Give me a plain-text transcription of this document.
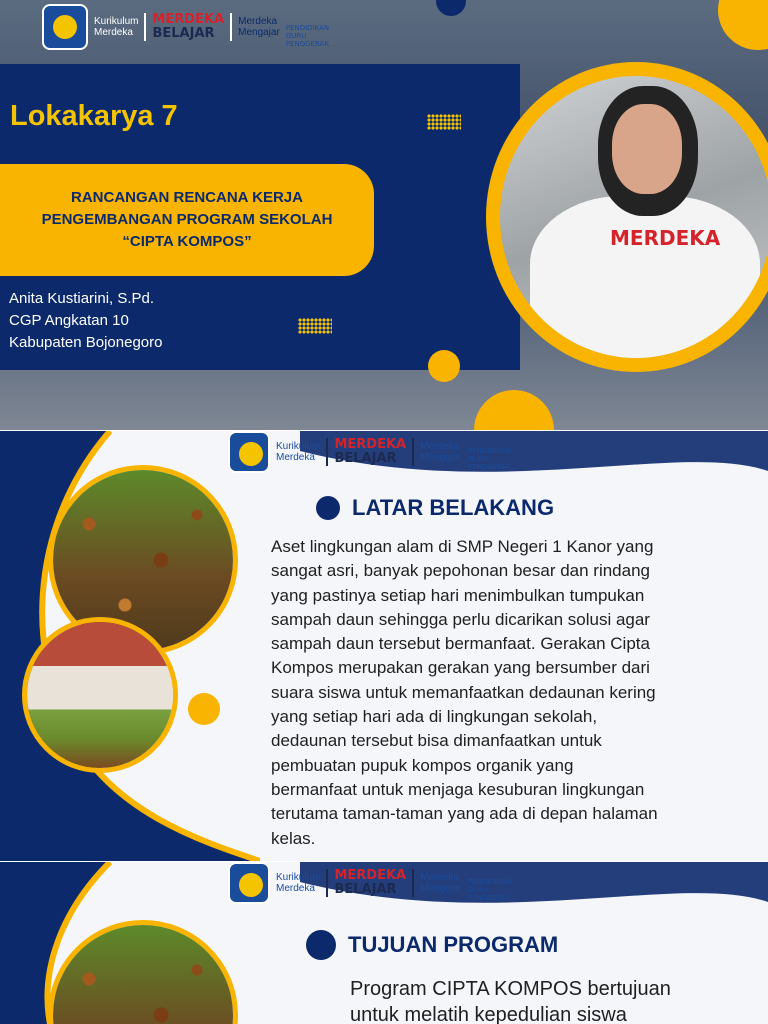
Kurikulum
Merdeka
MERDEKA
BELAJAR
Merdeka
Mengajar PENDIDIKAN
GURU
PENGGERAK
Lokakarya 7
RANCANGAN RENCANA KERJA
PENGEMBANGAN PROGRAM SEKOLAH
“CIPTA KOMPOS”
Anita Kustiarini, S.Pd.
CGP Angkatan 10
Kabupaten Bojonegoro
MERDEKA
Kurikulum
Merdeka
MERDEKA
BELAJAR
Merdeka
Mengajar
PENDIDIKAN
GURU
PENGGERAK
LATAR BELAKANG
Aset lingkungan alam di SMP Negeri 1 Kanor yang
sangat asri, banyak pepohonan besar dan rindang
yang pastinya setiap hari menimbulkan tumpukan
sampah daun sehingga perlu dicarikan solusi agar
sampah daun tersebut bermanfaat. Gerakan Cipta
Kompos merupakan gerakan yang bersumber dari
suara siswa untuk memanfaatkan dedaunan kering
yang setiap hari ada di lingkungan sekolah,
dedaunan tersebut bisa dimanfaatkan untuk
pembuatan pupuk kompos organik yang
bermanfaat untuk menjaga kesuburan lingkungan
terutama taman-taman yang ada di depan halaman
kelas.
Kurikulum
Merdeka
MERDEKA
BELAJAR
Merdeka
Mengajar
PENDIDIKAN
GURU
PENGGERAK
TUJUAN PROGRAM
Program CIPTA KOMPOS bertujuan
untuk melatih kepedulian siswa
